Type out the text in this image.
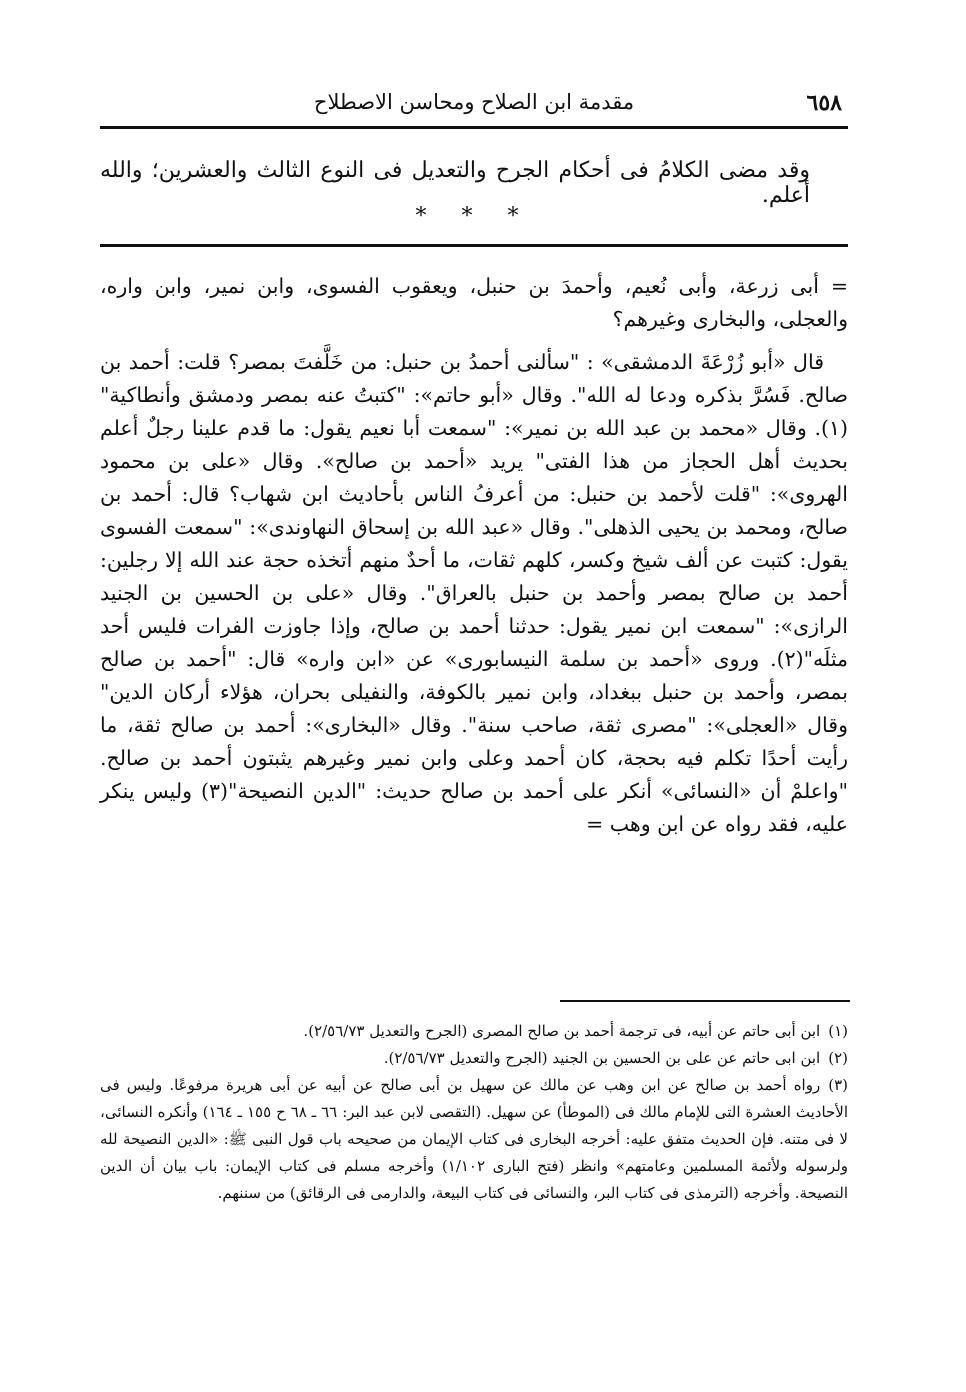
٦٥٨
مقدمة ابن الصلاح ومحاسن الاصطلاح
وقد مضى الكلامُ فى أحكام الجرح والتعديل فى النوع الثالث والعشرين؛ والله أعلم.
* * *

= أبى زرعة، وأبى نُعيم، وأحمدَ بن حنبل، ويعقوب الفسوى، وابن نمير، وابن واره، والعجلى، والبخارى وغيرهم؟

قال «أبو زُرْعَةَ الدمشقى» : "سألنى أحمدُ بن حنبل: من خَلَّفتَ بمصر؟ قلت: أحمد بن صالح. فَسُرَّ بذكره ودعا له الله". وقال «أبو حاتم»: "كتبتُ عنه بمصر ودمشق وأنطاكية"(١). وقال «محمد بن عبد الله بن نمير»: "سمعت أبا نعيم يقول: ما قدم علينا رجلٌ أعلم بحديث أهل الحجاز من هذا الفتى" يريد «أحمد بن صالح». وقال «على بن محمود الهروى»: "قلت لأحمد بن حنبل: من أعرفُ الناس بأحاديث ابن شهاب؟ قال: أحمد بن صالح، ومحمد بن يحيى الذهلى". وقال «عبد الله بن إسحاق النهاوندى»: "سمعت الفسوى يقول: كتبت عن ألف شيخ وكسر، كلهم ثقات، ما أحدٌ منهم أتخذه حجة عند الله إلا رجلين: أحمد بن صالح بمصر وأحمد بن حنبل بالعراق". وقال «على بن الحسين بن الجنيد الرازى»: "سمعت ابن نمير يقول: حدثنا أحمد بن صالح، وإذا جاوزت الفرات فليس أحد مثلَه"(٢). وروى «أحمد بن سلمة النيسابورى» عن «ابن واره» قال: "أحمد بن صالح بمصر، وأحمد بن حنبل ببغداد، وابن نمير بالكوفة، والنفيلى بحران، هؤلاء أركان الدين" وقال «العجلى»: "مصرى ثقة، صاحب سنة". وقال «البخارى»: أحمد بن صالح ثقة، ما رأيت أحدًا تكلم فيه بحجة، كان أحمد وعلى وابن نمير وغيرهم يثبتون أحمد بن صالح. "واعلمْ أن «النسائى» أنكر على أحمد بن صالح حديث: "الدين النصيحة"(٣) وليس ينكر عليه، فقد رواه عن ابن وهب =

(١)ابن أبى حاتم عن أبيه، فى ترجمة أحمد بن صالح المصرى (الجرح والتعديل ٢/٥٦/٧٣).

(٢)ابن ابى حاتم عن على بن الحسين بن الجنيد (الجرح والتعديل ٢/٥٦/٧٣).

(٣)رواه أحمد بن صالح عن ابن وهب عن مالك عن سهيل بن أبى صالح عن أبيه عن أبى هريرة مرفوعًا. وليس فى الأحاديث العشرة التى للإمام مالك فى (الموطأ) عن سهيل. (التقصى لابن عبد البر: ٦٦ ـ ٦٨ ح ١٥٥ ـ ١٦٤) وأنكره النسائى، لا فى متنه. فإن الحديث متفق عليه: أخرجه البخارى فى كتاب الإيمان من صحيحه باب قول النبى ﷺ: «الدين النصيحة لله ولرسوله ولأئمة المسلمين وعامتهم» وانظر (فتح البارى ١/١٠٢) وأخرجه مسلم فى كتاب الإيمان: باب بيان أن الدين النصيحة. وأخرجه (الترمذى فى كتاب البر، والنسائى فى كتاب البيعة، والدارمى فى الرقائق) من سننهم.
